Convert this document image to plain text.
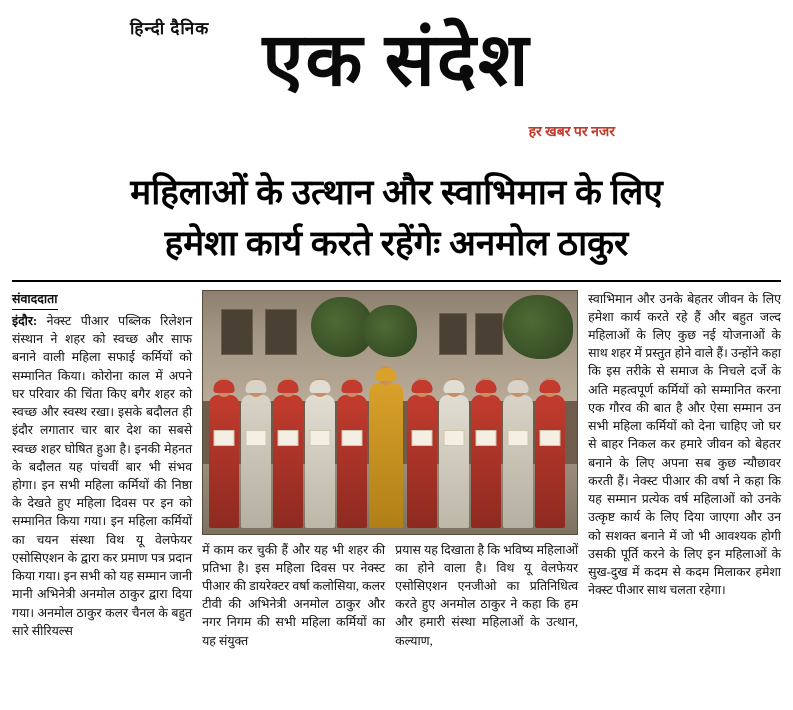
हिन्दी दैनिक एक संदेश
हर खबर पर नजर
महिलाओं के उत्थान और स्वाभिमान के लिए
हमेशा कार्य करते रहेंगेः अनमोल ठाकुर
संवाददाता

इंदौर: नेक्स्ट पीआर पब्लिक रिलेशन संस्थान ने शहर को स्वच्छ और साफ बनाने वाली महिला सफाई कर्मियों को सम्मानित किया। कोरोना काल में अपने घर परिवार की चिंता किए बगैर शहर को स्वच्छ और स्वस्थ रखा। इसके बदौलत ही इंदौर लगातार चार बार देश का सबसे स्वच्छ शहर घोषित हुआ है। इनकी मेहनत के बदौलत यह पांचवीं बार भी संभव होगा। इन सभी महिला कर्मियों की निष्ठा के देखते हुए महिला दिवस पर इन को सम्मानित किया गया। इन महिला कर्मियों का चयन संस्था विथ यू वेलफेयर एसोसिएशन के द्वारा कर प्रमाण पत्र प्रदान किया गया। इन सभी को यह सम्मान जानी मानी अभिनेत्री अनमोल ठाकुर द्वारा दिया गया। अनमोल ठाकुर कलर चैनल के बहुत सारे सीरियल्स

में काम कर चुकी हैं और यह भी शहर की प्रतिभा है। इस महिला दिवस पर नेक्स्ट पीआर की डायरेक्टर वर्षा कलोसिया, कलर टीवी की अभिनेत्री अनमोल ठाकुर और नगर निगम की सभी महिला कर्मियों का यह संयुक्त

प्रयास यह दिखाता है कि भविष्य महिलाओं का होने वाला है। विथ यू वेलफेयर एसोसिएशन एनजीओ का प्रतिनिधित्व करते हुए अनमोल ठाकुर ने कहा कि हम और हमारी संस्था महिलाओं के उत्थान, कल्याण,

स्वाभिमान और उनके बेहतर जीवन के लिए हमेशा कार्य करते रहे हैं और बहुत जल्द महिलाओं के लिए कुछ नई योजनाओं के साथ शहर में प्रस्तुत होने वाले हैं। उन्होंने कहा कि इस तरीके से समाज के निचले दर्जे के अति महत्वपूर्ण कर्मियों को सम्मानित करना एक गौरव की बात है और ऐसा सम्मान उन सभी महिला कर्मियों को देना चाहिए जो घर से बाहर निकल कर हमारे जीवन को बेहतर बनाने के लिए अपना सब कुछ न्यौछावर करती हैं। नेक्स्ट पीआर की वर्षा ने कहा कि यह सम्मान प्रत्येक वर्ष महिलाओं को उनके उत्कृष्ट कार्य के लिए दिया जाएगा और उन को सशक्त बनाने में जो भी आवश्यक होगी उसकी पूर्ति करने के लिए इन महिलाओं के सुख-दुख में कदम से कदम मिलाकर हमेशा नेक्स्ट पीआर साथ चलता रहेगा।
